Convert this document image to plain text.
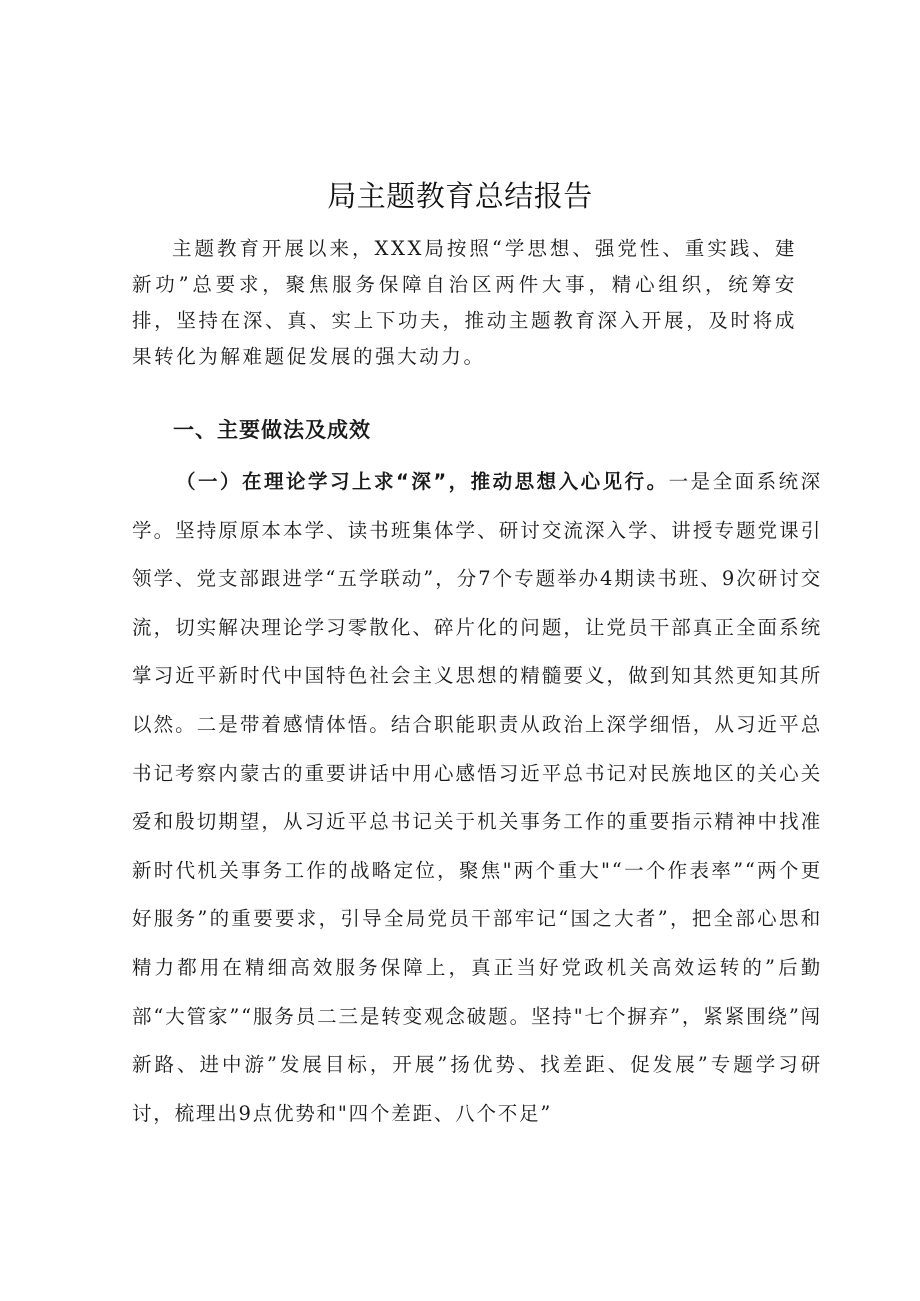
局主题教育总结报告

主题教育开展以来，XXX局按照“学思想、强党性、重实践、建新功”总要求，聚焦服务保障自治区两件大事，精心组织，统筹安排，坚持在深、真、实上下功夫，推动主题教育深入开展，及时将成果转化为解难题促发展的强大动力。

一、主要做法及成效

（一）在理论学习上求“深”，推动思想入心见行。一是全面系统深学。坚持原原本本学、读书班集体学、研讨交流深入学、讲授专题党课引领学、党支部跟进学“五学联动”，分7个专题举办4期读书班、9次研讨交流，切实解决理论学习零散化、碎片化的问题，让党员干部真正全面系统掌习近平新时代中国特色社会主义思想的精髓要义，做到知其然更知其所以然。二是带着感情体悟。结合职能职责从政治上深学细悟，从习近平总书记考察内蒙古的重要讲话中用心感悟习近平总书记对民族地区的关心关爱和殷切期望，从习近平总书记关于机关事务工作的重要指示精神中找准新时代机关事务工作的战略定位，聚焦"两个重大"“一个作表率”“两个更好服务”的重要要求，引导全局党员干部牢记“国之大者”，把全部心思和精力都用在精细高效服务保障上，真正当好党政机关高效运转的”后勤部“大管家”“服务员二三是转变观念破题。坚持"七个摒弃”，紧紧围绕”闯新路、进中游”发展目标，开展”扬优势、找差距、促发展”专题学习研讨，梳理出9点优势和"四个差距、八个不足”
